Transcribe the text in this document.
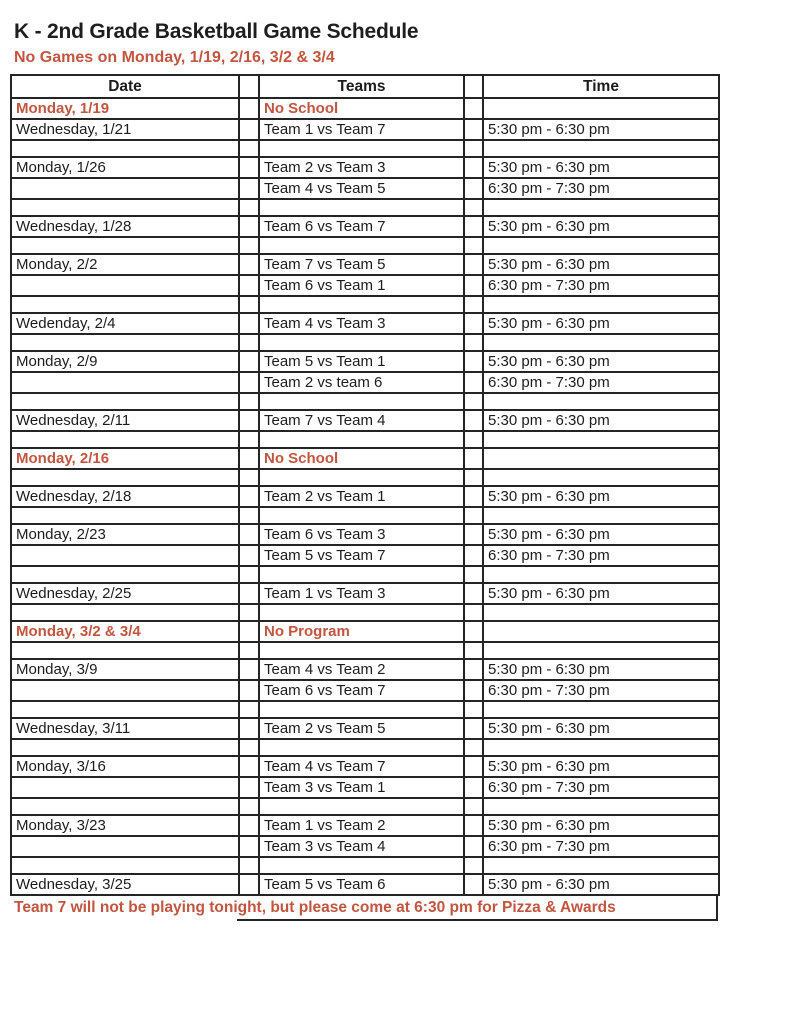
K - 2nd Grade Basketball Game Schedule
No Games on Monday, 1/19, 2/16, 3/2 & 3/4
Date		Teams		Time
Monday, 1/19		No School		
Wednesday, 1/21		Team 1 vs Team 7		5:30 pm - 6:30 pm

Monday, 1/26		Team 2 vs Team 3		5:30 pm - 6:30 pm
		Team 4 vs Team 5		6:30 pm - 7:30 pm

Wednesday, 1/28		Team 6 vs Team 7		5:30 pm - 6:30 pm

Monday, 2/2		Team 7 vs Team 5		5:30 pm - 6:30 pm
		Team 6 vs Team 1		6:30 pm - 7:30 pm

Wedenday, 2/4		Team 4 vs Team 3		5:30 pm - 6:30 pm

Monday, 2/9		Team 5 vs Team 1		5:30 pm - 6:30 pm
		Team 2 vs team 6		6:30 pm - 7:30 pm

Wednesday, 2/11		Team 7 vs Team 4		5:30 pm - 6:30 pm

Monday, 2/16		No School		

Wednesday, 2/18		Team 2 vs Team 1		5:30 pm - 6:30 pm

Monday, 2/23		Team 6 vs Team 3		5:30 pm - 6:30 pm
		Team 5 vs Team 7		6:30 pm - 7:30 pm

Wednesday, 2/25		Team 1 vs Team 3		5:30 pm - 6:30 pm

Monday, 3/2 & 3/4		No Program		

Monday, 3/9		Team 4 vs Team 2		5:30 pm - 6:30 pm
		Team 6 vs Team 7		6:30 pm - 7:30 pm

Wednesday, 3/11		Team 2 vs Team 5		5:30 pm - 6:30 pm

Monday, 3/16		Team 4 vs Team 7		5:30 pm - 6:30 pm
		Team 3 vs Team 1		6:30 pm - 7:30 pm

Monday, 3/23		Team 1 vs Team 2		5:30 pm - 6:30 pm
		Team 3 vs Team 4		6:30 pm - 7:30 pm

Wednesday, 3/25		Team 5 vs Team 6		5:30 pm - 6:30 pm
Team 7 will not be playing tonight, but please come at 6:30 pm for Pizza & Awards
